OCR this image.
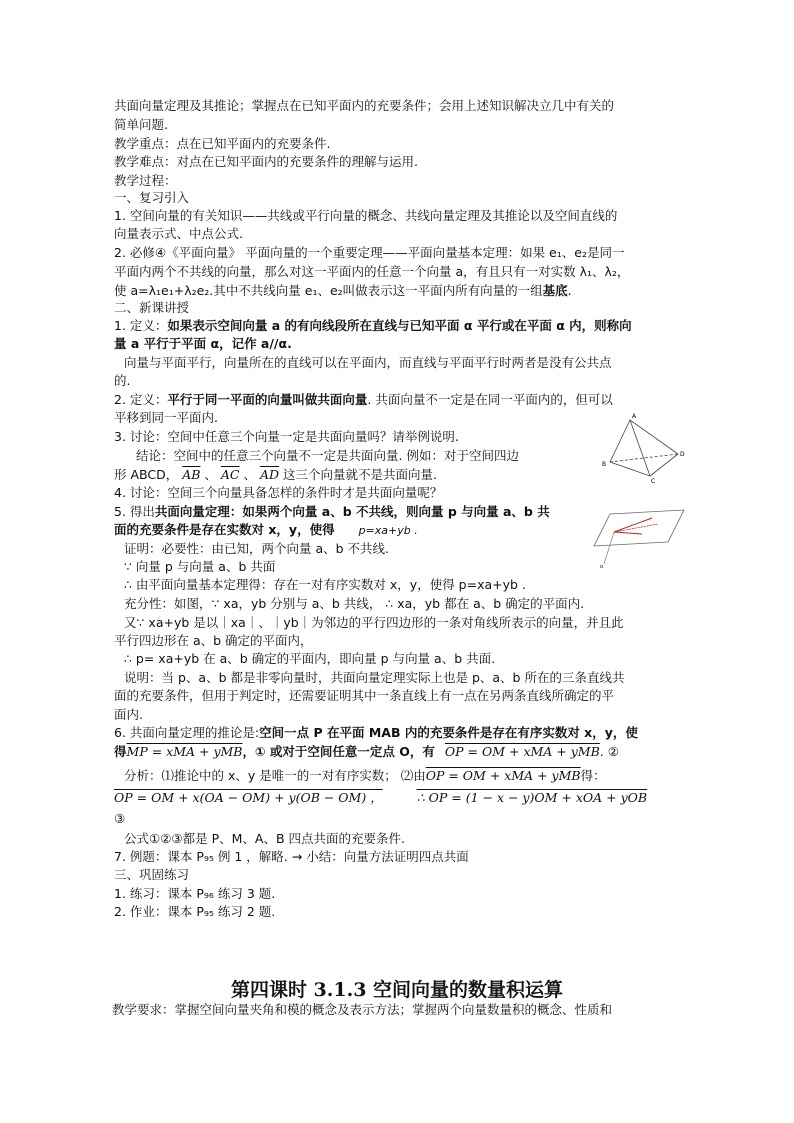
共面向量定理及其推论；掌握点在已知平面内的充要条件；会用上述知识解决立几中有关的
简单问题.
教学重点：点在已知平面内的充要条件.
教学难点：对点在已知平面内的充要条件的理解与运用.
教学过程：
一、复习引入
1. 空间向量的有关知识——共线或平行向量的概念、共线向量定理及其推论以及空间直线的
向量表示式、中点公式.
2. 必修④《平面向量》 平面向量的一个重要定理——平面向量基本定理：如果 e₁、e₂是同一
平面内两个不共线的向量，那么对这一平面内的任意一个向量 a，有且只有一对实数 λ₁、λ₂，
使 a=λ₁e₁+λ₂e₂.其中不共线向量 e₁、e₂叫做表示这一平面内所有向量的一组基底.
二、新课讲授
1. 定义：如果表示空间向量 a 的有向线段所在直线与已知平面 α 平行或在平面 α 内，则称向
量 a 平行于平面 α，记作 a//α.
向量与平面平行，向量所在的直线可以在平面内，而直线与平面平行时两者是没有公共点
的.
2. 定义：平行于同一平面的向量叫做共面向量. 共面向量不一定是在同一平面内的，但可以
平移到同一平面内.
3. 讨论：空间中任意三个向量一定是共面向量吗？请举例说明.
结论：空间中的任意三个向量不一定是共面向量. 例如：对于空间四边
形 ABCD， $\overline{AB}$ 、 $\overline{AC}$ 、 $\overline{AD}$ 这三个向量就不是共面向量.
A
B
C
D
4. 讨论：空间三个向量具备怎样的条件时才是共面向量呢？
5. 得出共面向量定理：如果两个向量 a、b 不共线，则向量 p 与向量 a、b 共
面的充要条件是存在实数对 x，y，使得 p=xa+yb .
o
证明：必要性：由已知，两个向量 a、b 不共线.
∵ 向量 p 与向量 a、b 共面
∴ 由平面向量基本定理得：存在一对有序实数对 x，y，使得 p=xa+yb .
充分性：如图，∵ xa，yb 分别与 a、b 共线， ∴ xa，yb 都在 a、b 确定的平面内.
又∵ xa+yb 是以｜xa｜、｜yb｜为邻边的平行四边形的一条对角线所表示的向量，并且此
平行四边形在 a、b 确定的平面内，
∴ p= xa+yb 在 a、b 确定的平面内，即向量 p 与向量 a、b 共面.
说明：当 p、a、b 都是非零向量时，共面向量定理实际上也是 p、a、b 所在的三条直线共
面的充要条件，但用于判定时，还需要证明其中一条直线上有一点在另两条直线所确定的平
面内.
6. 共面向量定理的推论是:空间一点 P 在平面 MAB 内的充要条件是存在有序实数对 x，y，使
得MP = xMA + yMB，① 或对于空间任意一定点 O，有 OP = OM + xMA + yMB. ②
分析：⑴推论中的 x、y 是唯一的一对有序实数； ⑵由OP = OM + xMA + yMB得：
OP = OM + x(OA − OM) + y(OB − OM) ，	∴ OP = (1 − x − y)OM + xOA + yOB
③
公式①②③都是 P、M、A、B 四点共面的充要条件.
7. 例题：课本 P₉₅ 例 1 ，解略. → 小结：向量方法证明四点共面
三、巩固练习
1. 练习：课本 P₉₆ 练习 3 题.
2. 作业：课本 P₉₅ 练习 2 题.
第四课时 3.1.3 空间向量的数量积运算
教学要求：掌握空间向量夹角和模的概念及表示方法；掌握两个向量数量积的概念、性质和
